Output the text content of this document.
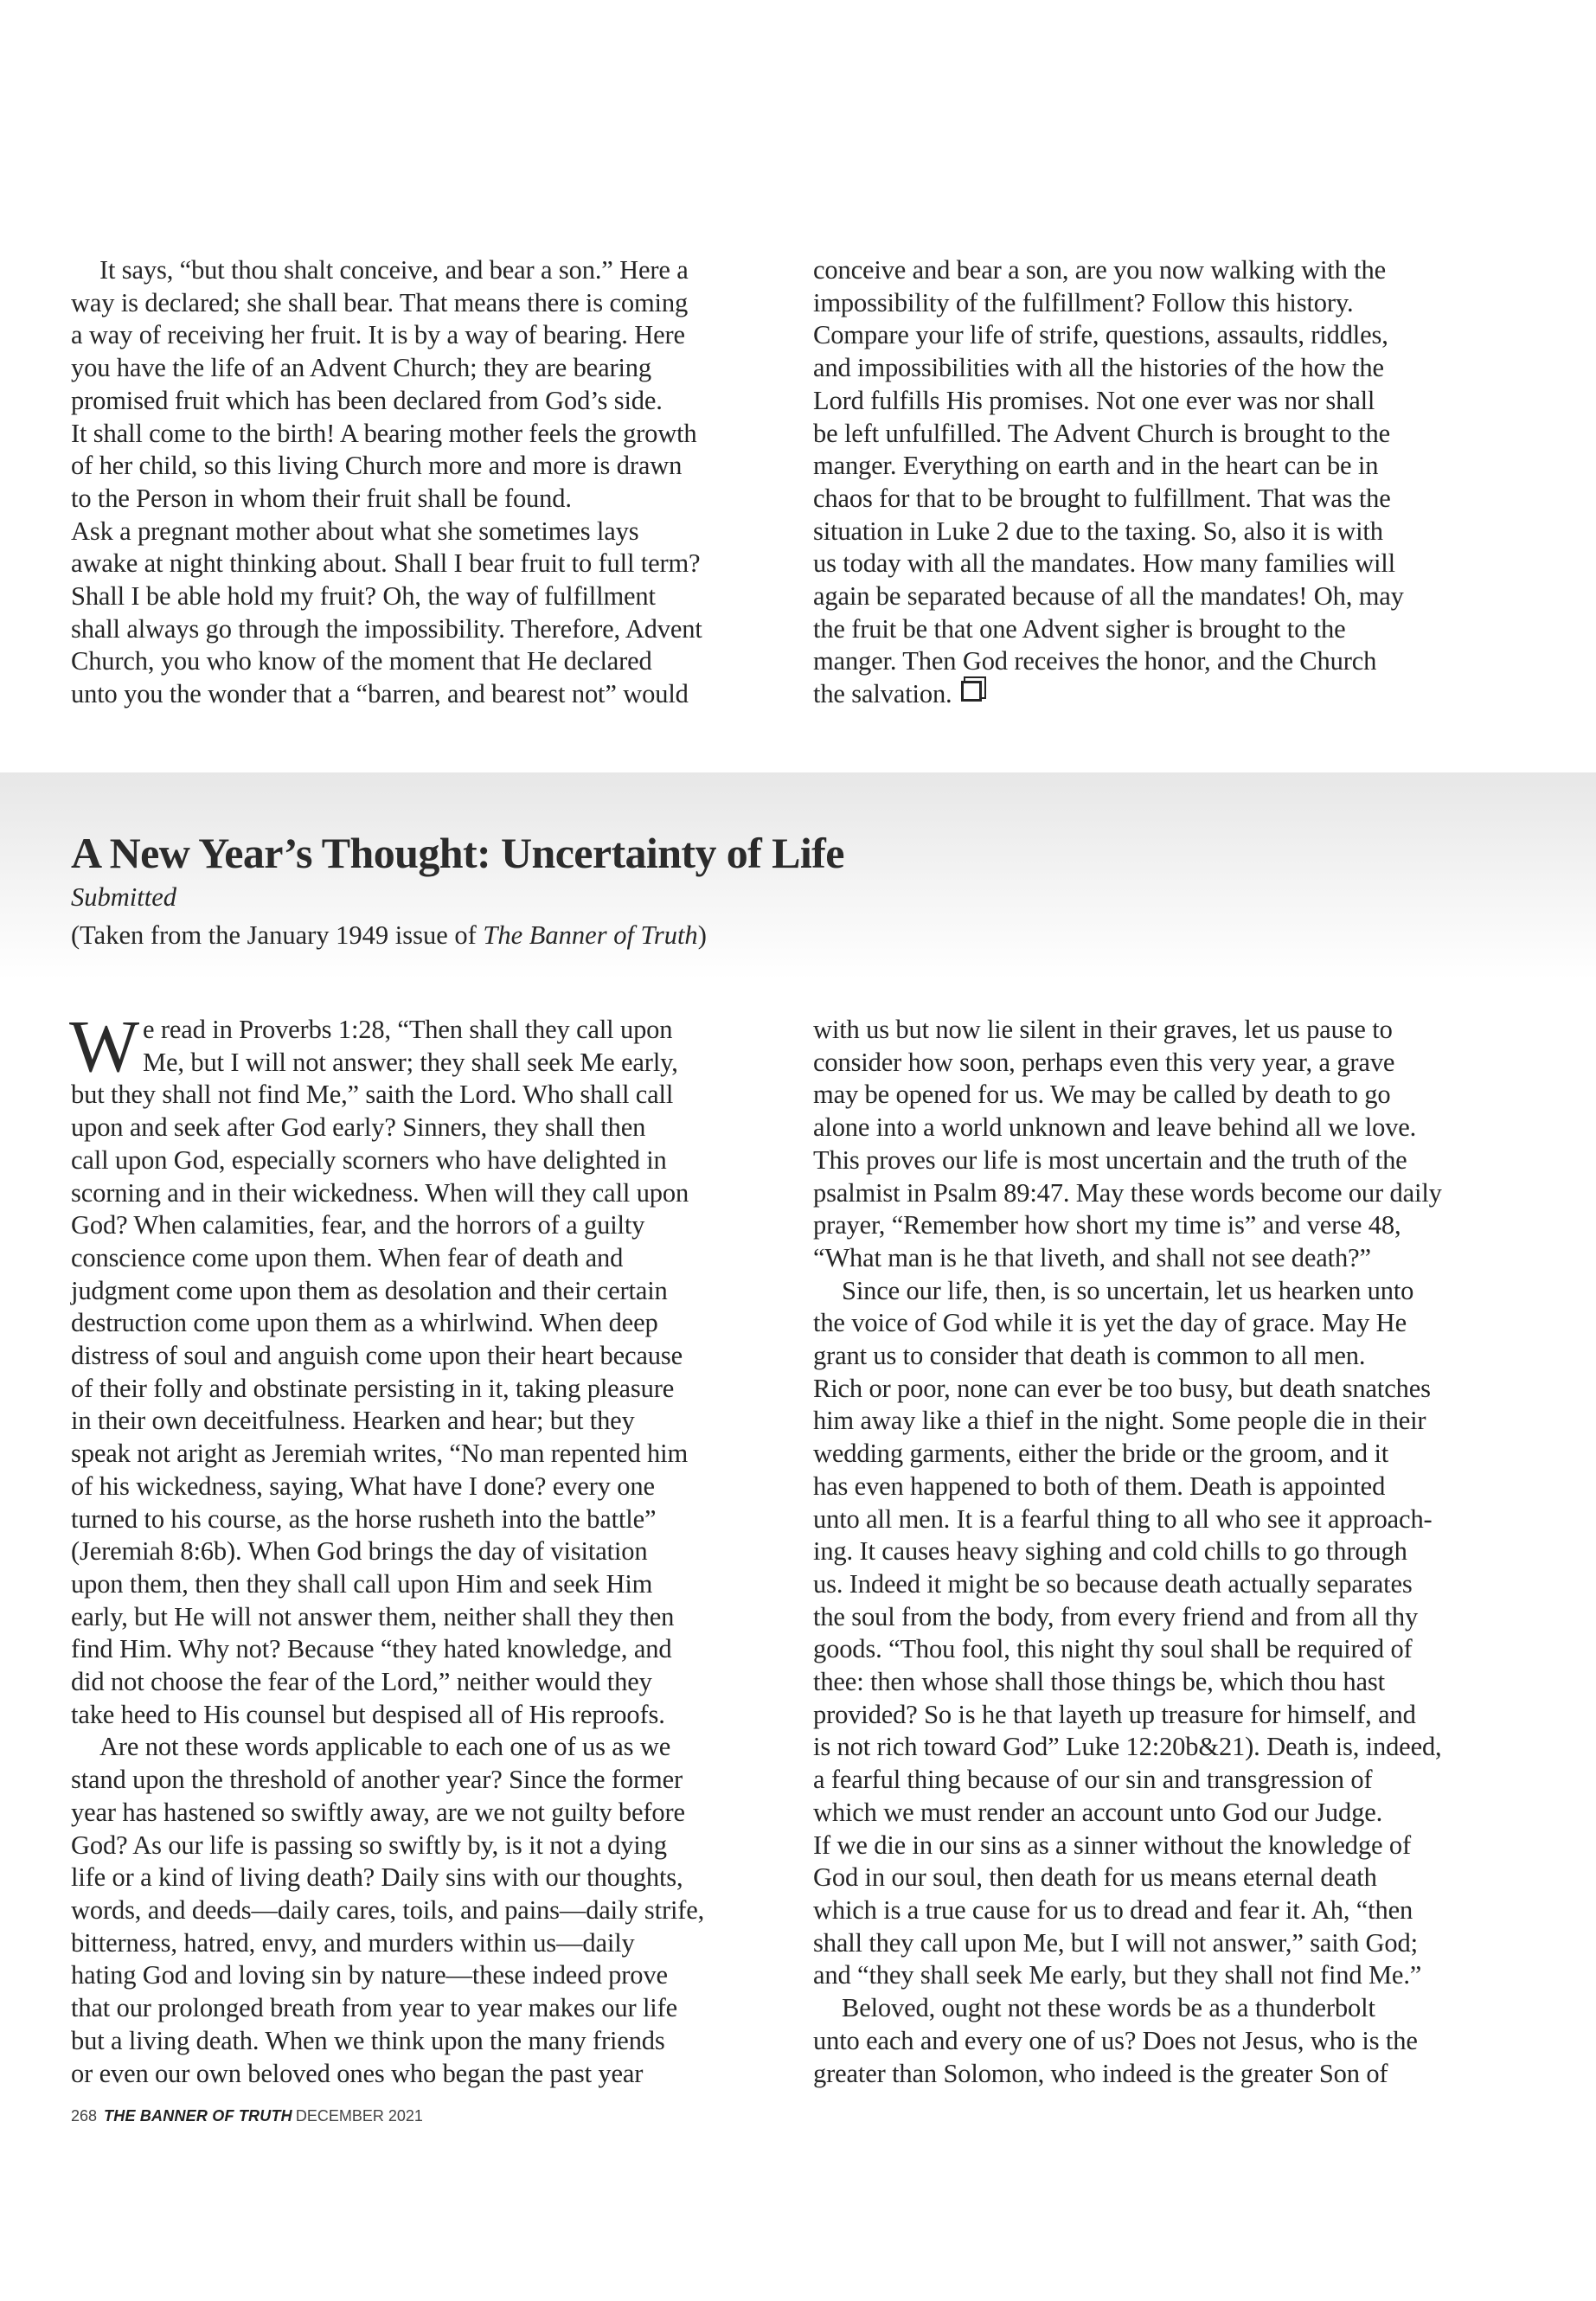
It says, “but thou shalt conceive, and bear a son.” Here a
way is declared; she shall bear. That means there is coming
a way of receiving her fruit. It is by a way of bearing. Here
you have the life of an Advent Church; they are bearing
promised fruit which has been declared from God’s side.
It shall come to the birth! A bearing mother feels the growth
of her child, so this living Church more and more is drawn
to the Person in whom their fruit shall be found.
Ask a pregnant mother about what she sometimes lays
awake at night thinking about. Shall I bear fruit to full term?
Shall I be able hold my fruit? Oh, the way of fulfillment
shall always go through the impossibility. Therefore, Advent
Church, you who know of the moment that He declared
unto you the wonder that a “barren, and bearest not” would

conceive and bear a son, are you now walking with the
impossibility of the fulfillment? Follow this history.
Compare your life of strife, questions, assaults, riddles,
and impossibilities with all the histories of the how the
Lord fulfills His promises. Not one ever was nor shall
be left unfulfilled. The Advent Church is brought to the
manger. Everything on earth and in the heart can be in
chaos for that to be brought to fulfillment. That was the
situation in Luke 2 due to the taxing. So, also it is with
us today with all the mandates. How many families will
again be separated because of all the mandates! Oh, may
the fruit be that one Advent sigher is brought to the
manger. Then God receives the honor, and the Church
the salvation.

A New Year’s Thought: Uncertainty of Life
Submitted
(Taken from the January 1949 issue of The Banner of Truth)

W e read in Proverbs 1:28, “Then shall they call upon
Me, but I will not answer; they shall seek Me early,
but they shall not find Me,” saith the Lord. Who shall call
upon and seek after God early? Sinners, they shall then
call upon God, especially scorners who have delighted in
scorning and in their wickedness. When will they call upon
God? When calamities, fear, and the horrors of a guilty
conscience come upon them. When fear of death and
judgment come upon them as desolation and their certain
destruction come upon them as a whirlwind. When deep
distress of soul and anguish come upon their heart because
of their folly and obstinate persisting in it, taking pleasure
in their own deceitfulness. Hearken and hear; but they
speak not aright as Jeremiah writes, “No man repented him
of his wickedness, saying, What have I done? every one
turned to his course, as the horse rusheth into the battle”
(Jeremiah 8:6b). When God brings the day of visitation
upon them, then they shall call upon Him and seek Him
early, but He will not answer them, neither shall they then
find Him. Why not? Because “they hated knowledge, and
did not choose the fear of the Lord,” neither would they
take heed to His counsel but despised all of His reproofs.

Are not these words applicable to each one of us as we
stand upon the threshold of another year? Since the former
year has hastened so swiftly away, are we not guilty before
God? As our life is passing so swiftly by, is it not a dying
life or a kind of living death? Daily sins with our thoughts,
words, and deeds—daily cares, toils, and pains—daily strife,
bitterness, hatred, envy, and murders within us—daily
hating God and loving sin by nature—these indeed prove
that our prolonged breath from year to year makes our life
but a living death. When we think upon the many friends
or even our own beloved ones who began the past year

with us but now lie silent in their graves, let us pause to
consider how soon, perhaps even this very year, a grave
may be opened for us. We may be called by death to go
alone into a world unknown and leave behind all we love.
This proves our life is most uncertain and the truth of the
psalmist in Psalm 89:47. May these words become our daily
prayer, “Remember how short my time is” and verse 48,
“What man is he that liveth, and shall not see death?”

Since our life, then, is so uncertain, let us hearken unto
the voice of God while it is yet the day of grace. May He
grant us to consider that death is common to all men.
Rich or poor, none can ever be too busy, but death snatches
him away like a thief in the night. Some people die in their
wedding garments, either the bride or the groom, and it
has even happened to both of them. Death is appointed
unto all men. It is a fearful thing to all who see it approach-
ing. It causes heavy sighing and cold chills to go through
us. Indeed it might be so because death actually separates
the soul from the body, from every friend and from all thy
goods. “Thou fool, this night thy soul shall be required of
thee: then whose shall those things be, which thou hast
provided? So is he that layeth up treasure for himself, and
is not rich toward God” Luke 12:20b&21). Death is, indeed,
a fearful thing because of our sin and transgression of
which we must render an account unto God our Judge.
If we die in our sins as a sinner without the knowledge of
God in our soul, then death for us means eternal death
which is a true cause for us to dread and fear it. Ah, “then
shall they call upon Me, but I will not answer,” saith God;
and “they shall seek Me early, but they shall not find Me.”

Beloved, ought not these words be as a thunderbolt
unto each and every one of us? Does not Jesus, who is the
greater than Solomon, who indeed is the greater Son of

268 THE BANNER OF TRUTH DECEMBER 2021
